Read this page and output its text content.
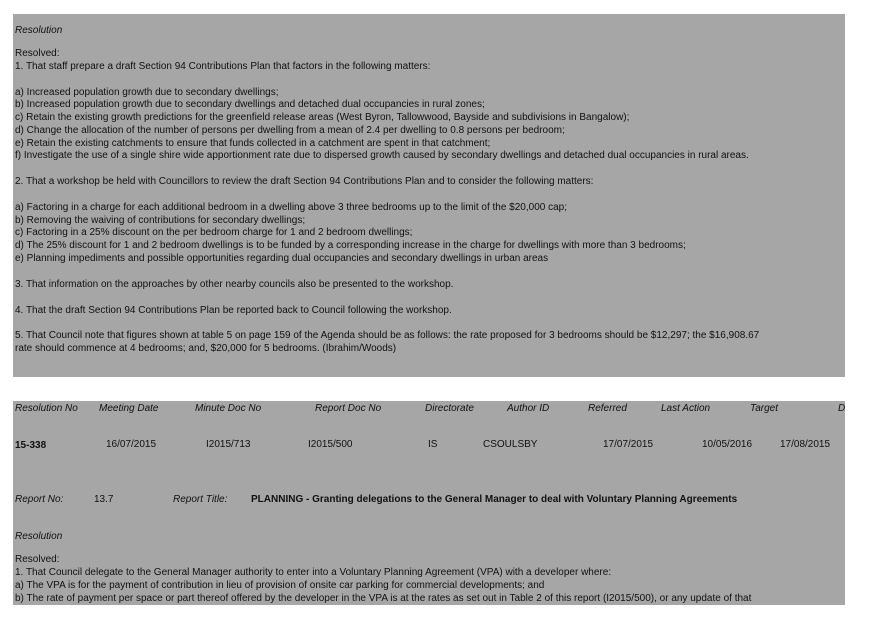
Resolution
Resolved:
1. That staff prepare a draft Section 94 Contributions Plan that factors in the following matters:
a) Increased population growth due to secondary dwellings;
b) Increased population growth due to secondary dwellings and detached dual occupancies in rural zones;
c) Retain the existing growth predictions for the greenfield release areas (West Byron, Tallowwood, Bayside and subdivisions in Bangalow);
d) Change the allocation of the number of persons per dwelling from a mean of 2.4 per dwelling to 0.8 persons per bedroom;
e) Retain the existing catchments to ensure that funds collected in a catchment are spent in that catchment;
f) Investigate the use of a single shire wide apportionment rate due to dispersed growth caused by secondary dwellings and detached dual occupancies in rural areas.
2. That a workshop be held with Councillors to review the draft Section 94 Contributions Plan and to consider the following matters:
a) Factoring in a charge for each additional bedroom in a dwelling above 3 three bedrooms up to the limit of the $20,000 cap;
b) Removing the waiving of contributions for secondary dwellings;
c) Factoring in a 25% discount on the per bedroom charge for 1 and 2 bedroom dwellings;
d) The 25% discount for 1 and 2 bedroom dwellings is to be funded by a corresponding increase in the charge for dwellings with more than 3 bedrooms;
e) Planning impediments and possible opportunities regarding dual occupancies and secondary dwellings in urban areas
3. That information on the approaches by other nearby councils also be presented to the workshop.
4. That the draft Section 94 Contributions Plan be reported back to Council following the workshop.
5. That Council note that figures shown at table 5 on page 159 of the Agenda should be as follows: the rate proposed for 3 bedrooms should be $12,297; the $16,908.67
rate should commence at 4 bedrooms; and, $20,000 for 5 bedrooms. (Ibrahim/Woods)
Resolution No Meeting Date	Minute Doc No	Report Doc No	Directorate	Author ID	Referred	Last Action	Target	D
15-338	16/07/2015	I2015/713	I2015/500	IS	CSOULSBY	17/07/2015	10/05/2016	17/08/2015
Report No:	13.7	Report Title: PLANNING - Granting delegations to the General Manager to deal with Voluntary Planning Agreements
Resolution
Resolved:
1. That Council delegate to the General Manager authority to enter into a Voluntary Planning Agreement (VPA) with a developer where:
a) The VPA is for the payment of contribution in lieu of provision of onsite car parking for commercial developments; and
b) The rate of payment per space or part thereof offered by the developer in the VPA is at the rates as set out in Table 2 of this report (I2015/500), or any update of that
